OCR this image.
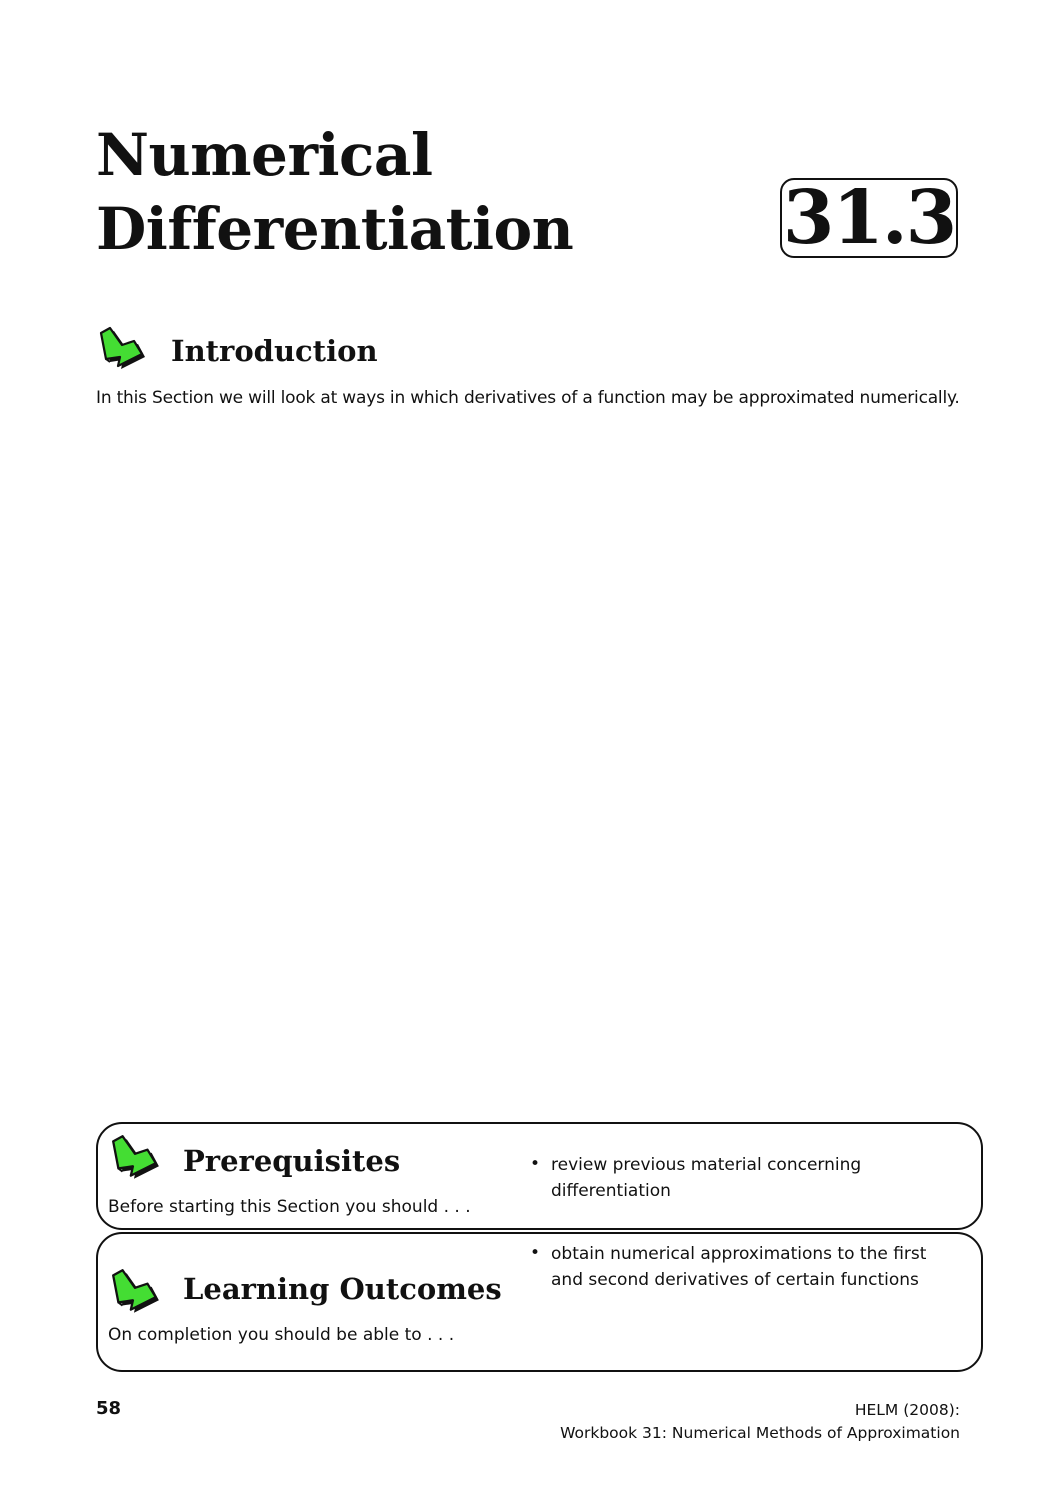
Numerical
Differentiation	31.3
Introduction
In this Section we will look at ways in which derivatives of a function may be approximated numerically.
Prerequisites
Before starting this Section you should . . .
• review previous material concerning differentiation
Learning Outcomes
On completion you should be able to . . .
• obtain numerical approximations to the first and second derivatives of certain functions
58	HELM (2008):
Workbook 31: Numerical Methods of Approximation
